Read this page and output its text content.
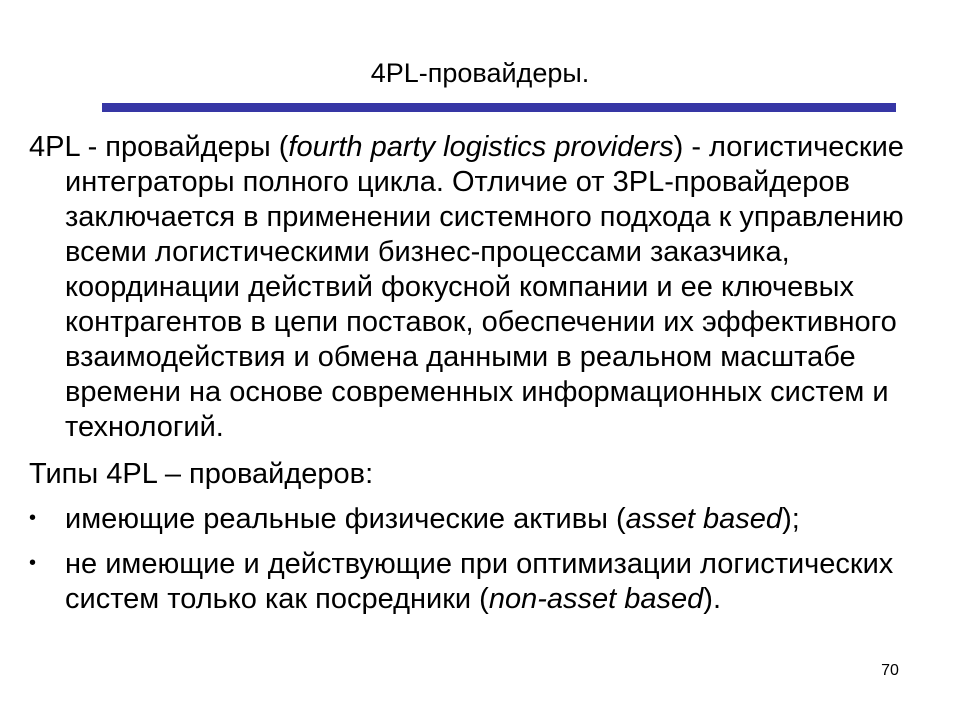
4PL-провайдеры.

4PL - провайдеры (fourth party logistics providers) - логистические интеграторы полного цикла. Отличие от 3PL-провайдеров заключается в применении системного подхода к управлению всеми логистическими бизнес-процессами заказчика, координации действий фокусной компании и ее ключевых контрагентов в цепи поставок, обеспечении их эффективного взаимодействия и обмена данными в реальном масштабе времени на основе современных информационных систем и технологий.

Типы 4PL – провайдеров:

• имеющие реальные физические активы (asset based);
• не имеющие и действующие при оптимизации логистических систем только как посредники (non-asset based).
70
